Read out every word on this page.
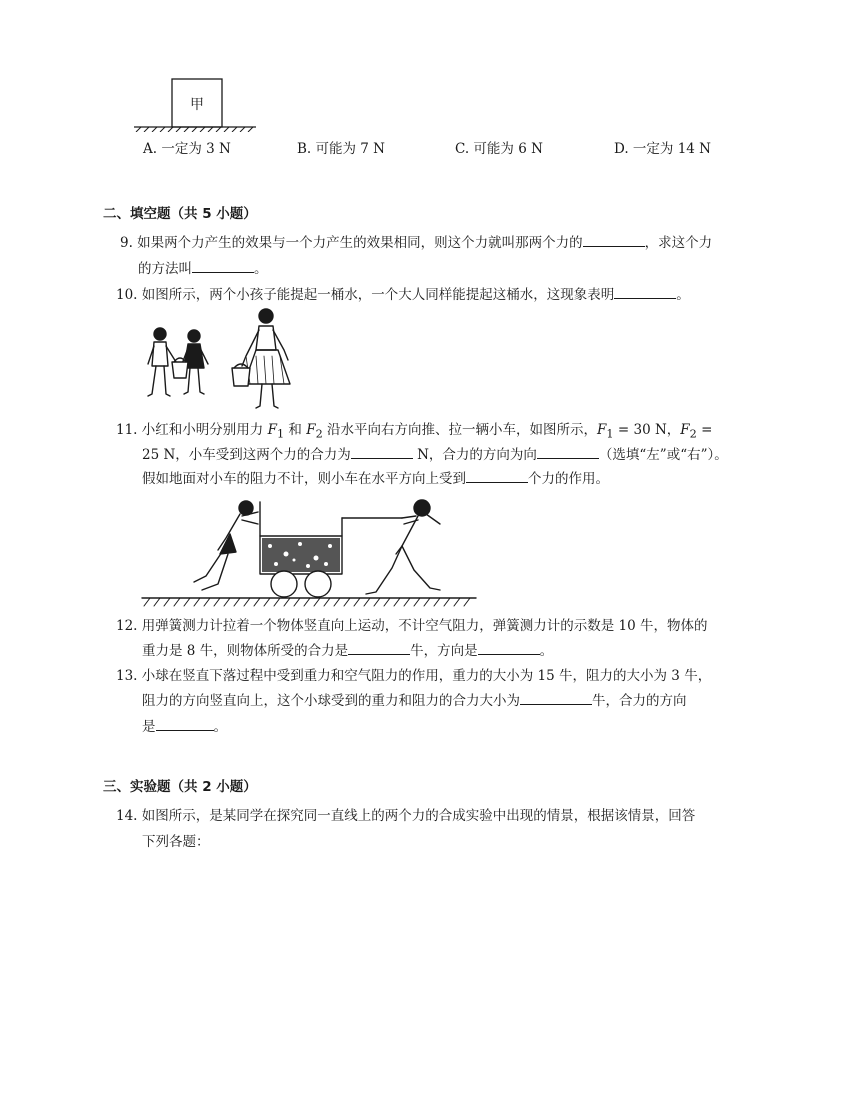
甲
A. 一定为 3 N	B. 可能为 7 N	C. 可能为 6 N	D. 一定为 14 N
二、填空题（共 5 小题）
9. 如果两个力产生的效果与一个力产生的效果相同，则这个力就叫那两个力的	，求这个力
的方法叫	。
10. 如图所示，两个小孩子能提起一桶水，一个大人同样能提起这桶水，这现象表明	。
11. 小红和小明分别用力 $F_1$ 和 $F_2$ 沿水平向右方向推、拉一辆小车，如图所示，$F_1 = 30$ N，$F_2$ =
25 N，小车受到这两个力的合力为	N，合力的方向为向	（选填“左”或“右”）。
假如地面对小车的阻力不计，则小车在水平方向上受到	个力的作用。
12. 用弹簧测力计拉着一个物体竖直向上运动，不计空气阻力，弹簧测力计的示数是 10 牛，物体的
重力是 8 牛，则物体所受的合力是	牛，方向是	。
13. 小球在竖直下落过程中受到重力和空气阻力的作用，重力的大小为 15 牛，阻力的大小为 3 牛，
阻力的方向竖直向上，这个小球受到的重力和阻力的合力大小为	牛，合力的方向
是	。
三、实验题（共 2 小题）
14. 如图所示，是某同学在探究同一直线上的两个力的合成实验中出现的情景，根据该情景，回答
下列各题：
